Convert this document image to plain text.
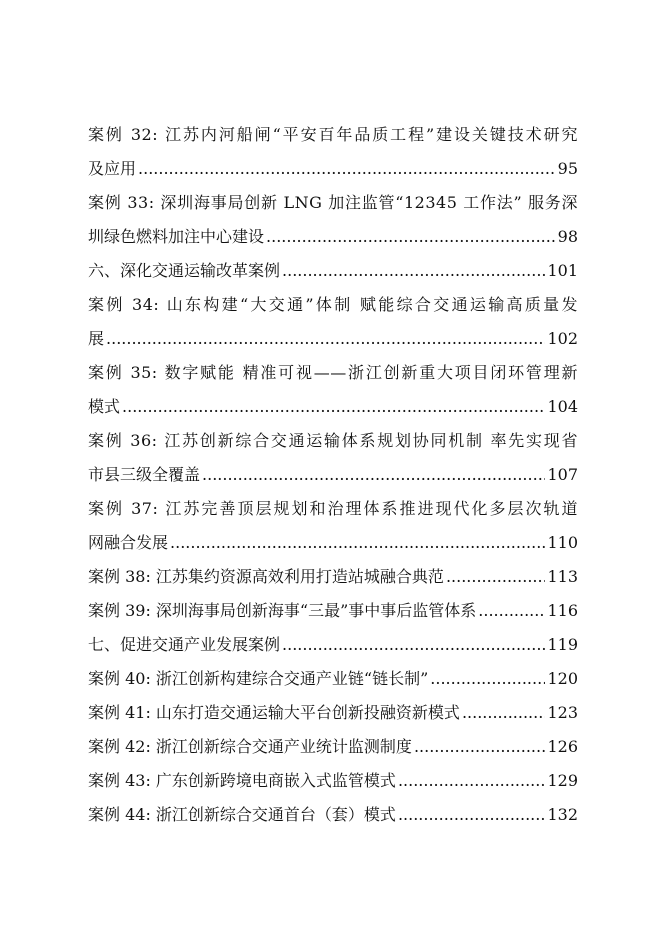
案例 32: 江苏内河船闸“平安百年品质工程”建设关键技术研究
及应用 .....	95
案例 33: 深圳海事局创新 LNG 加注监管“12345 工作法” 服务深
圳绿色燃料加注中心建设 .....	98
六、深化交通运输改革案例 .....	101
案例 34: 山东构建“大交通”体制 赋能综合交通运输高质量发
展 .....	102
案例 35: 数字赋能 精准可视——浙江创新重大项目闭环管理新
模式 .....	104
案例 36: 江苏创新综合交通运输体系规划协同机制 率先实现省
市县三级全覆盖 .....	107
案例 37: 江苏完善顶层规划和治理体系推进现代化多层次轨道
网融合发展 .....	110
案例 38: 江苏集约资源高效利用打造站城融合典范 .....	113
案例 39: 深圳海事局创新海事“三最”事中事后监管体系 .....	116
七、促进交通产业发展案例 .....	119
案例 40: 浙江创新构建综合交通产业链“链长制” .....	120
案例 41: 山东打造交通运输大平台创新投融资新模式 .....	123
案例 42: 浙江创新综合交通产业统计监测制度 .....	126
案例 43: 广东创新跨境电商嵌入式监管模式 .....	129
案例 44: 浙江创新综合交通首台（套）模式 .....	132
